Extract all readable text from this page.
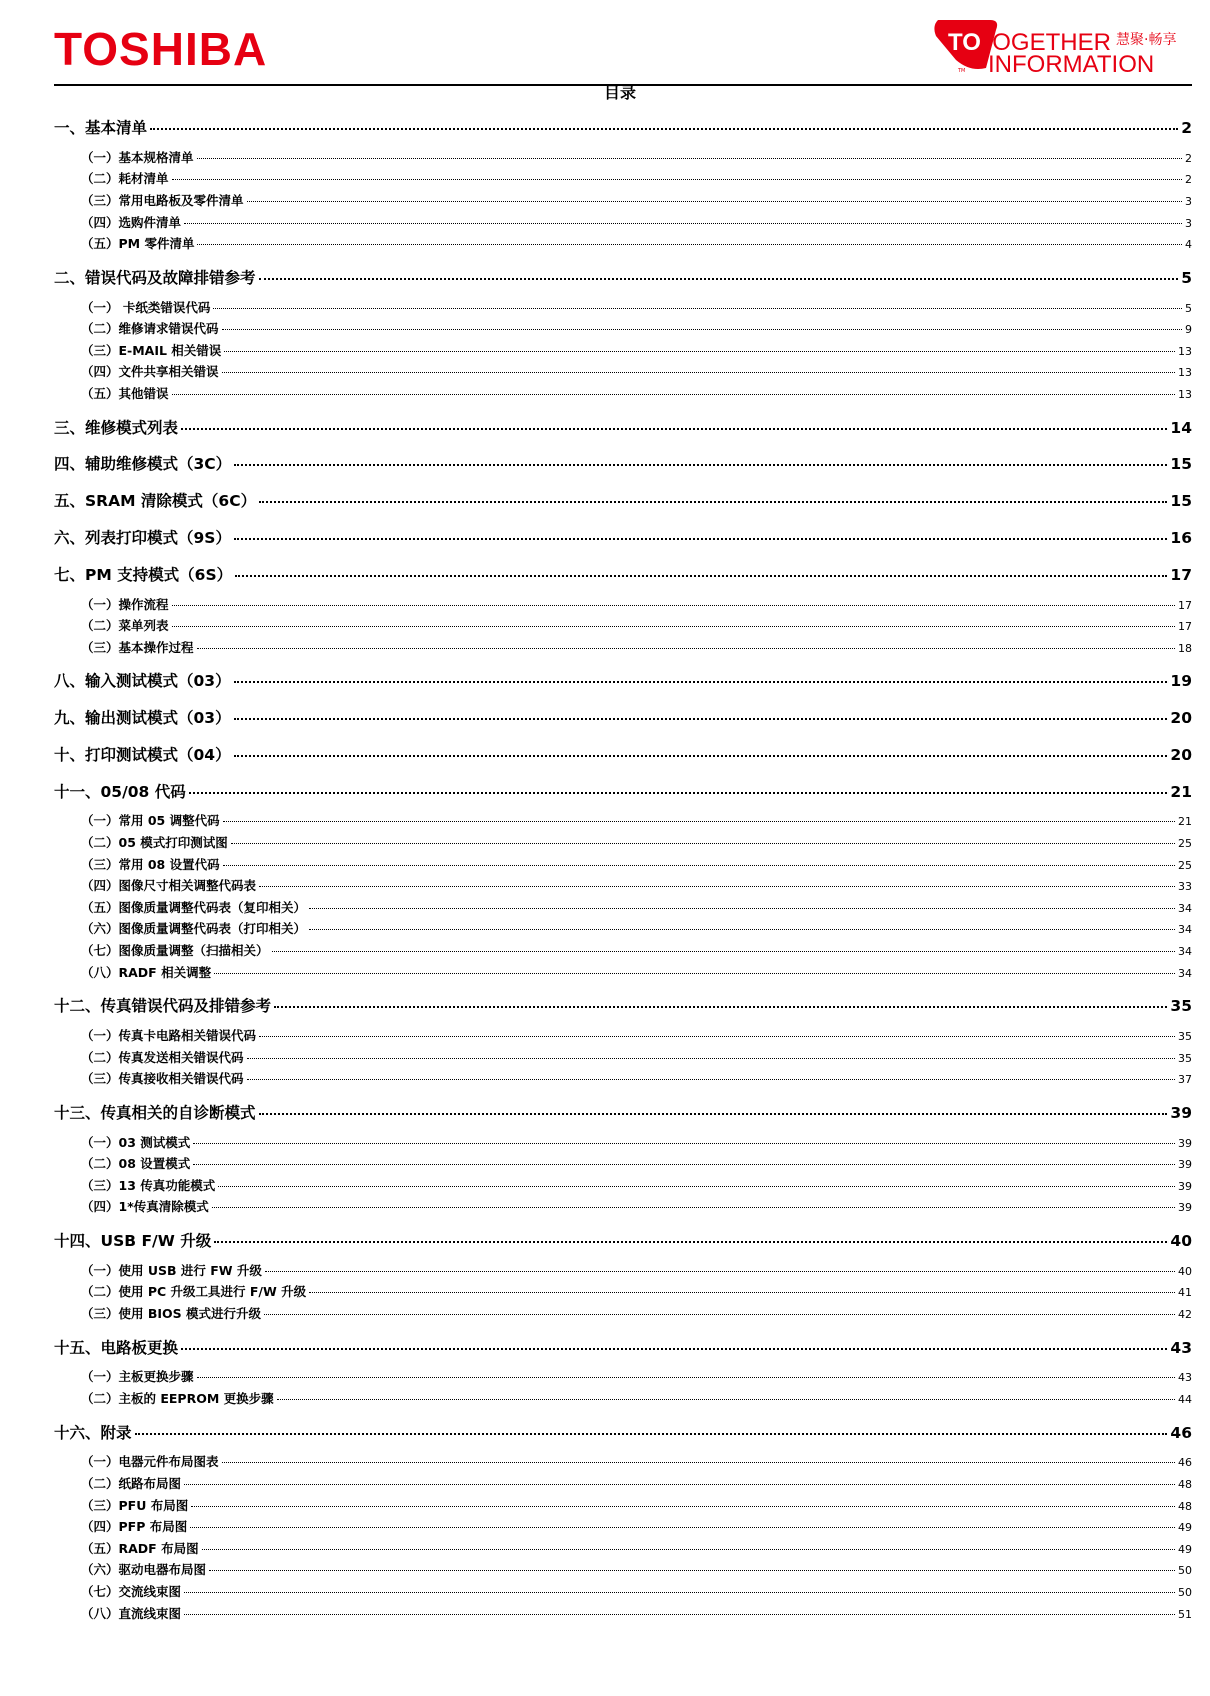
TOSHIBA	TO
TOGETHER
INFORMATION
慧聚·畅享
TM
目录
一、基本清单	2
（一）基本规格清单	2
（二）耗材清单	2
（三）常用电路板及零件清单	3
（四）选购件清单	3
（五）PM 零件清单	4
二、错误代码及故障排错参考	5
（一） 卡纸类错误代码	5
（二）维修请求错误代码	9
（三）E-MAIL 相关错误	13
（四）文件共享相关错误	13
（五）其他错误	13
三、维修模式列表	14
四、辅助维修模式（3C）	15
五、SRAM 清除模式（6C）	15
六、列表打印模式（9S）	16
七、PM 支持模式（6S）	17
（一）操作流程	17
（二）菜单列表	17
（三）基本操作过程	18
八、输入测试模式（03）	19
九、输出测试模式（03）	20
十、打印测试模式（04）	20
十一、05/08 代码	21
（一）常用 05 调整代码	21
（二）05 模式打印测试图	25
（三）常用 08 设置代码	25
（四）图像尺寸相关调整代码表	33
（五）图像质量调整代码表（复印相关）	34
（六）图像质量调整代码表（打印相关）	34
（七）图像质量调整（扫描相关）	34
（八）RADF 相关调整	34
十二、传真错误代码及排错参考	35
（一）传真卡电路相关错误代码	35
（二）传真发送相关错误代码	35
（三）传真接收相关错误代码	37
十三、传真相关的自诊断模式	39
（一）03 测试模式	39
（二）08 设置模式	39
（三）13 传真功能模式	39
（四）1*传真清除模式	39
十四、USB F/W 升级	40
（一）使用 USB 进行 FW 升级	40
（二）使用 PC 升级工具进行 F/W 升级	41
（三）使用 BIOS 模式进行升级	42
十五、电路板更换	43
（一）主板更换步骤	43
（二）主板的 EEPROM 更换步骤	44
十六、附录	46
（一）电器元件布局图表	46
（二）纸路布局图	48
（三）PFU 布局图	48
（四）PFP 布局图	49
（五）RADF 布局图	49
（六）驱动电器布局图	50
（七）交流线束图	50
（八）直流线束图	51
